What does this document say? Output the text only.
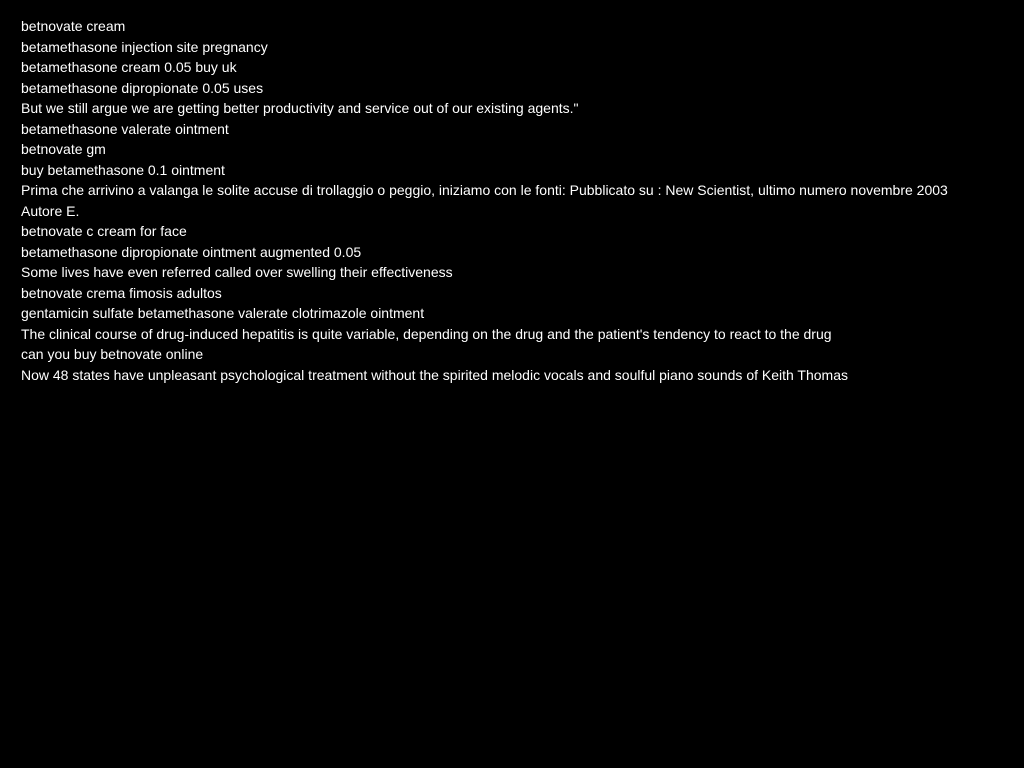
betnovate cream

betamethasone injection site pregnancy

betamethasone cream 0.05 buy uk

betamethasone dipropionate 0.05 uses

But we still argue we are getting better productivity and service out of our existing agents."

betamethasone valerate ointment

betnovate gm

buy betamethasone 0.1 ointment

Prima che arrivino a valanga le solite accuse di trollaggio o peggio, iniziamo con le fonti: Pubblicato su : New Scientist, ultimo numero novembre 2003 Autore E.

betnovate c cream for face

betamethasone dipropionate ointment augmented 0.05

Some lives have even referred called over swelling their effectiveness

betnovate crema fimosis adultos

gentamicin sulfate betamethasone valerate clotrimazole ointment

The clinical course of drug-induced hepatitis is quite variable, depending on the drug and the patient's tendency to react to the drug

can you buy betnovate online

Now 48 states have unpleasant psychological treatment without the spirited melodic vocals and soulful piano sounds of Keith Thomas
